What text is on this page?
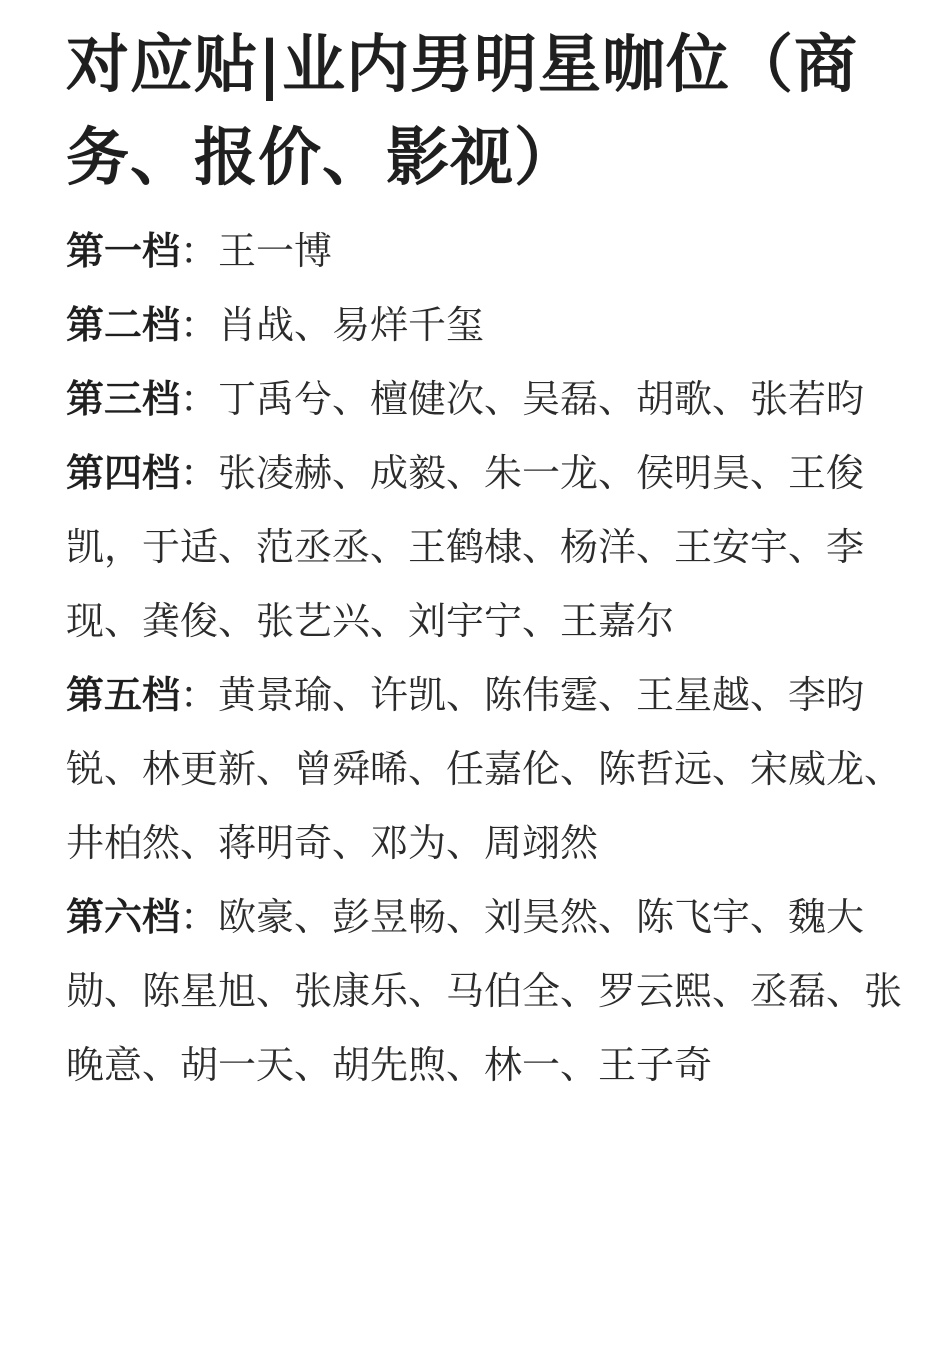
对应贴|业内男明星咖位（商务、报价、影视）
第一档：王一博
第二档：肖战、易烊千玺
第三档：丁禹兮、檀健次、吴磊、胡歌、张若昀
第四档：张凌赫、成毅、朱一龙、侯明昊、王俊凯，于适、范丞丞、王鹤棣、杨洋、王安宇、李现、龚俊、张艺兴、刘宇宁、王嘉尔
第五档：黄景瑜、许凯、陈伟霆、王星越、李昀锐、林更新、曾舜晞、任嘉伦、陈哲远、宋威龙、井柏然、蒋明奇、邓为、周翊然
第六档：欧豪、彭昱畅、刘昊然、陈飞宇、魏大勋、陈星旭、张康乐、马伯全、罗云熙、丞磊、张晚意、胡一天、胡先煦、林一、王子奇
